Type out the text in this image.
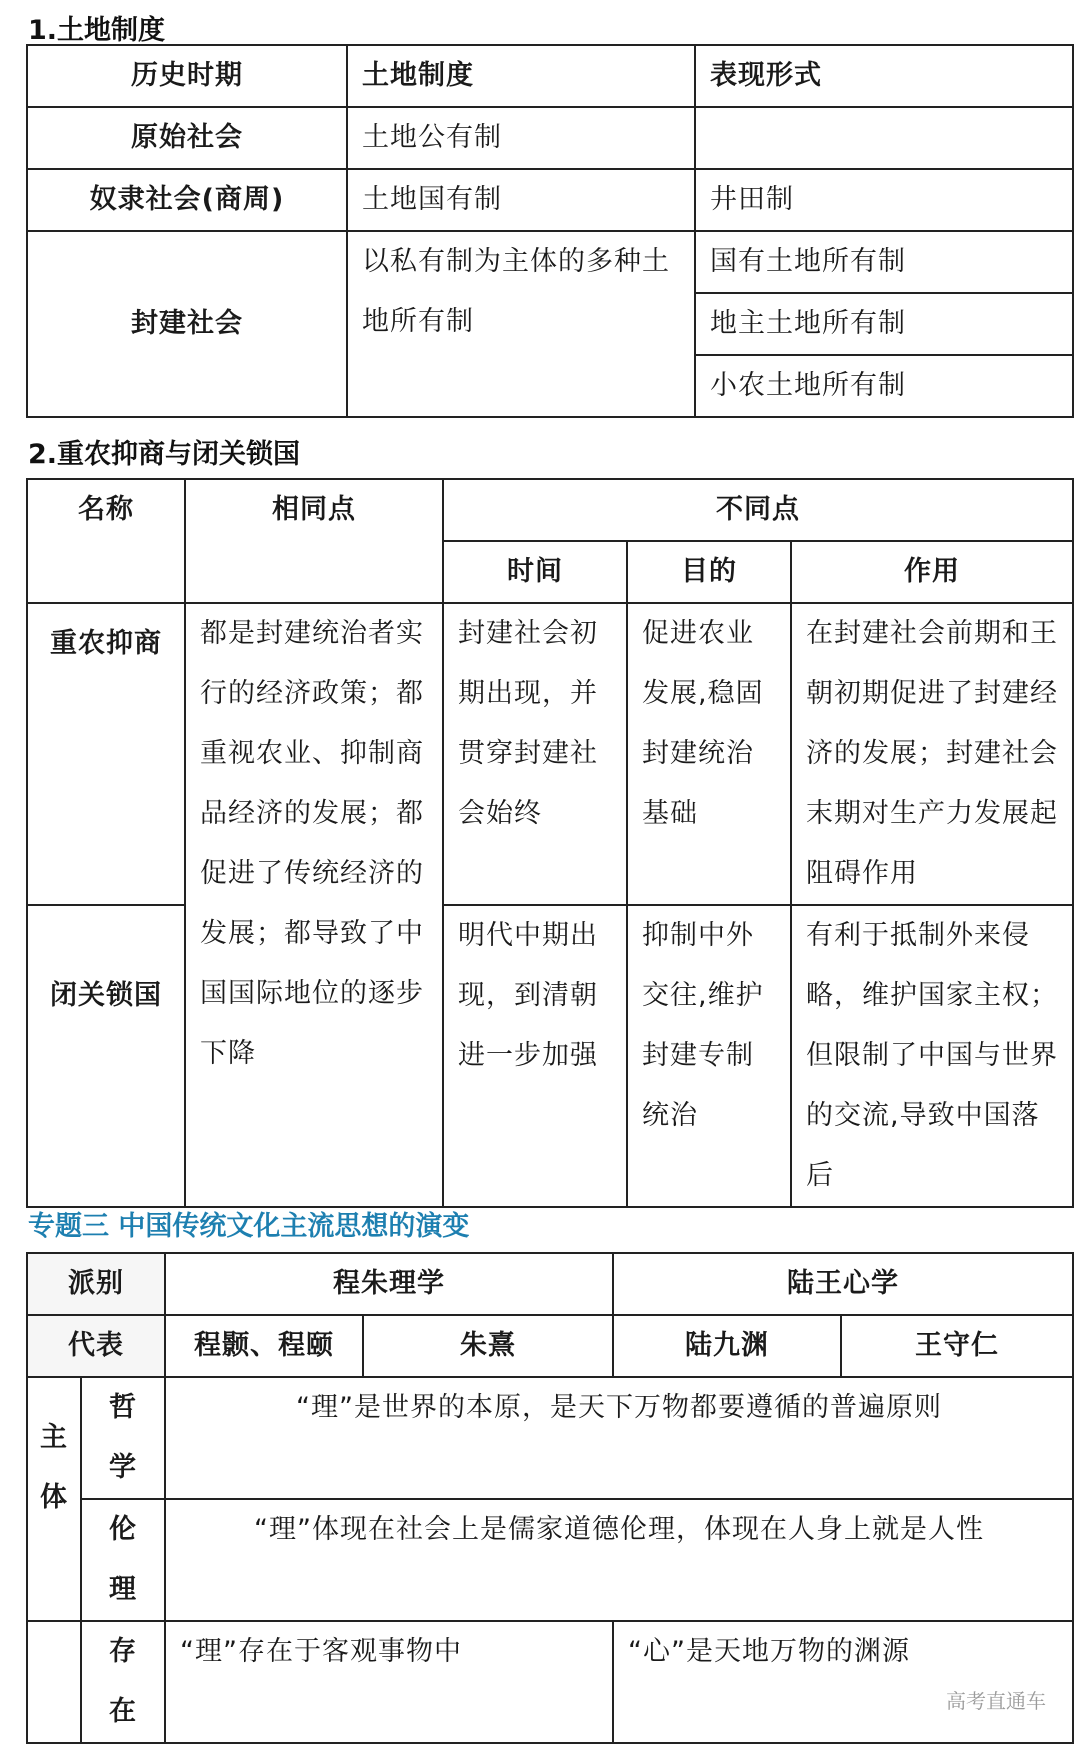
1.土地制度
历史时期	土地制度	表现形式
原始社会	土地公有制	
奴隶社会(商周)	土地国有制	井田制
封建社会	以私有制为主体的多种土地所有制	国有土地所有制
		地主土地所有制
		小农土地所有制
2.重农抑商与闭关锁国
名称	相同点	不同点		
		时间	目的	作用
重农抑商	都是封建统治者实行的经济政策；都重视农业、抑制商品经济的发展；都促进了传统经济的发展；都导致了中国国际地位的逐步下降	封建社会初期出现，并贯穿封建社会始终	促进农业发展,稳固封建统治基础	在封建社会前期和王朝初期促进了封建经济的发展；封建社会末期对生产力发展起阻碍作用
闭关锁国		明代中期出现，到清朝进一步加强	抑制中外交往,维护封建专制统治	有利于抵制外来侵略，维护国家主权；但限制了中国与世界的交流,导致中国落后
专题三 中国传统文化主流思想的演变
派别		程朱理学		陆王心学	
代表		程颢、程颐	朱熹	陆九渊	王守仁
主体	哲学	“理”是世界的本原，是天下万物都要遵循的普遍原则			
	伦理	“理”体现在社会上是儒家道德伦理，体现在人身上就是人性			
	存在	“理”存在于客观事物中		“心”是天地万物的渊源	
高考直通车
